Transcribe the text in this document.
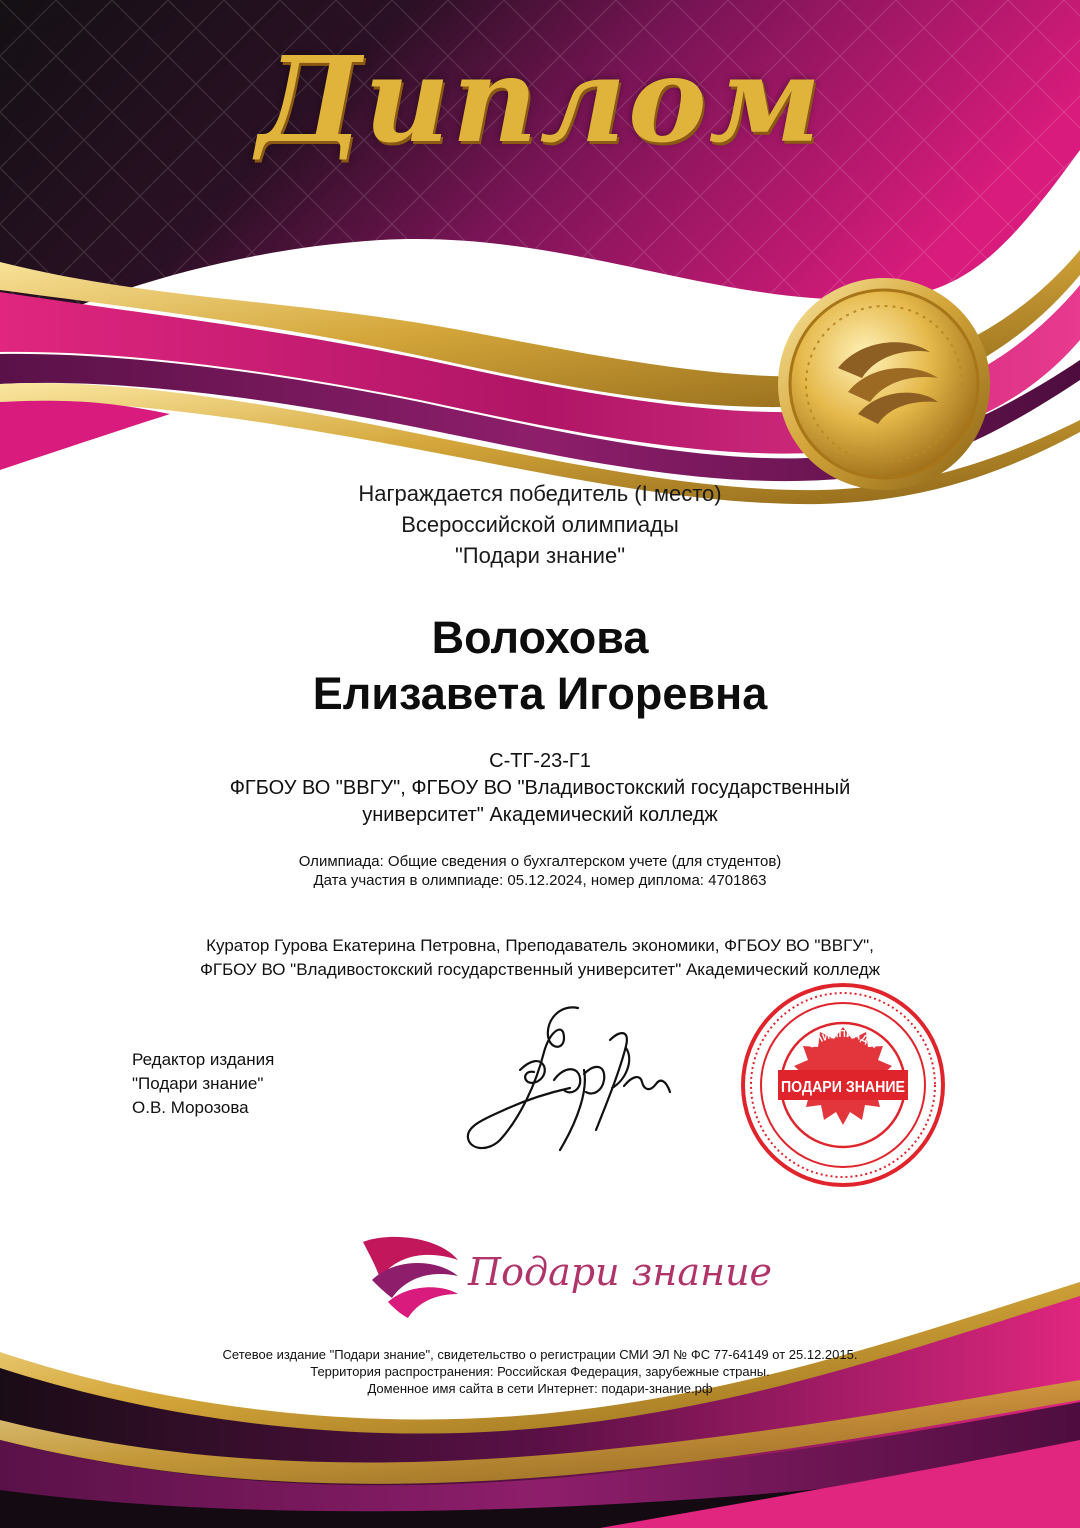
Диплом
Награждается победитель (I место)
Всероссийской олимпиады
"Подари знание"
Волохова
Елизавета Игоревна
С-ТГ-23-Г1
ФГБОУ ВО "ВВГУ", ФГБОУ ВО "Владивостокский государственный
университет" Академический колледж
Олимпиада: Общие сведения о бухгалтерском учете (для студентов)
Дата участия в олимпиаде: 05.12.2024, номер диплома: 4701863
Куратор Гурова Екатерина Петровна, Преподаватель экономики, ФГБОУ ВО "ВВГУ",
ФГБОУ ВО "Владивостокский государственный университет" Академический колледж
Редактор издания
"Подари знание"
О.В. Морозова
ОЛИМПИАДЫ
ПОДАРИ ЗНАНИЕ
ЭЛ № ФС 77-64149
Подари знание
Сетевое издание "Подари знание", свидетельство о регистрации СМИ ЭЛ № ФС 77-64149 от 25.12.2015.
Территория распространения: Российская Федерация, зарубежные страны.
Доменное имя сайта в сети Интернет: подари-знание.рф
